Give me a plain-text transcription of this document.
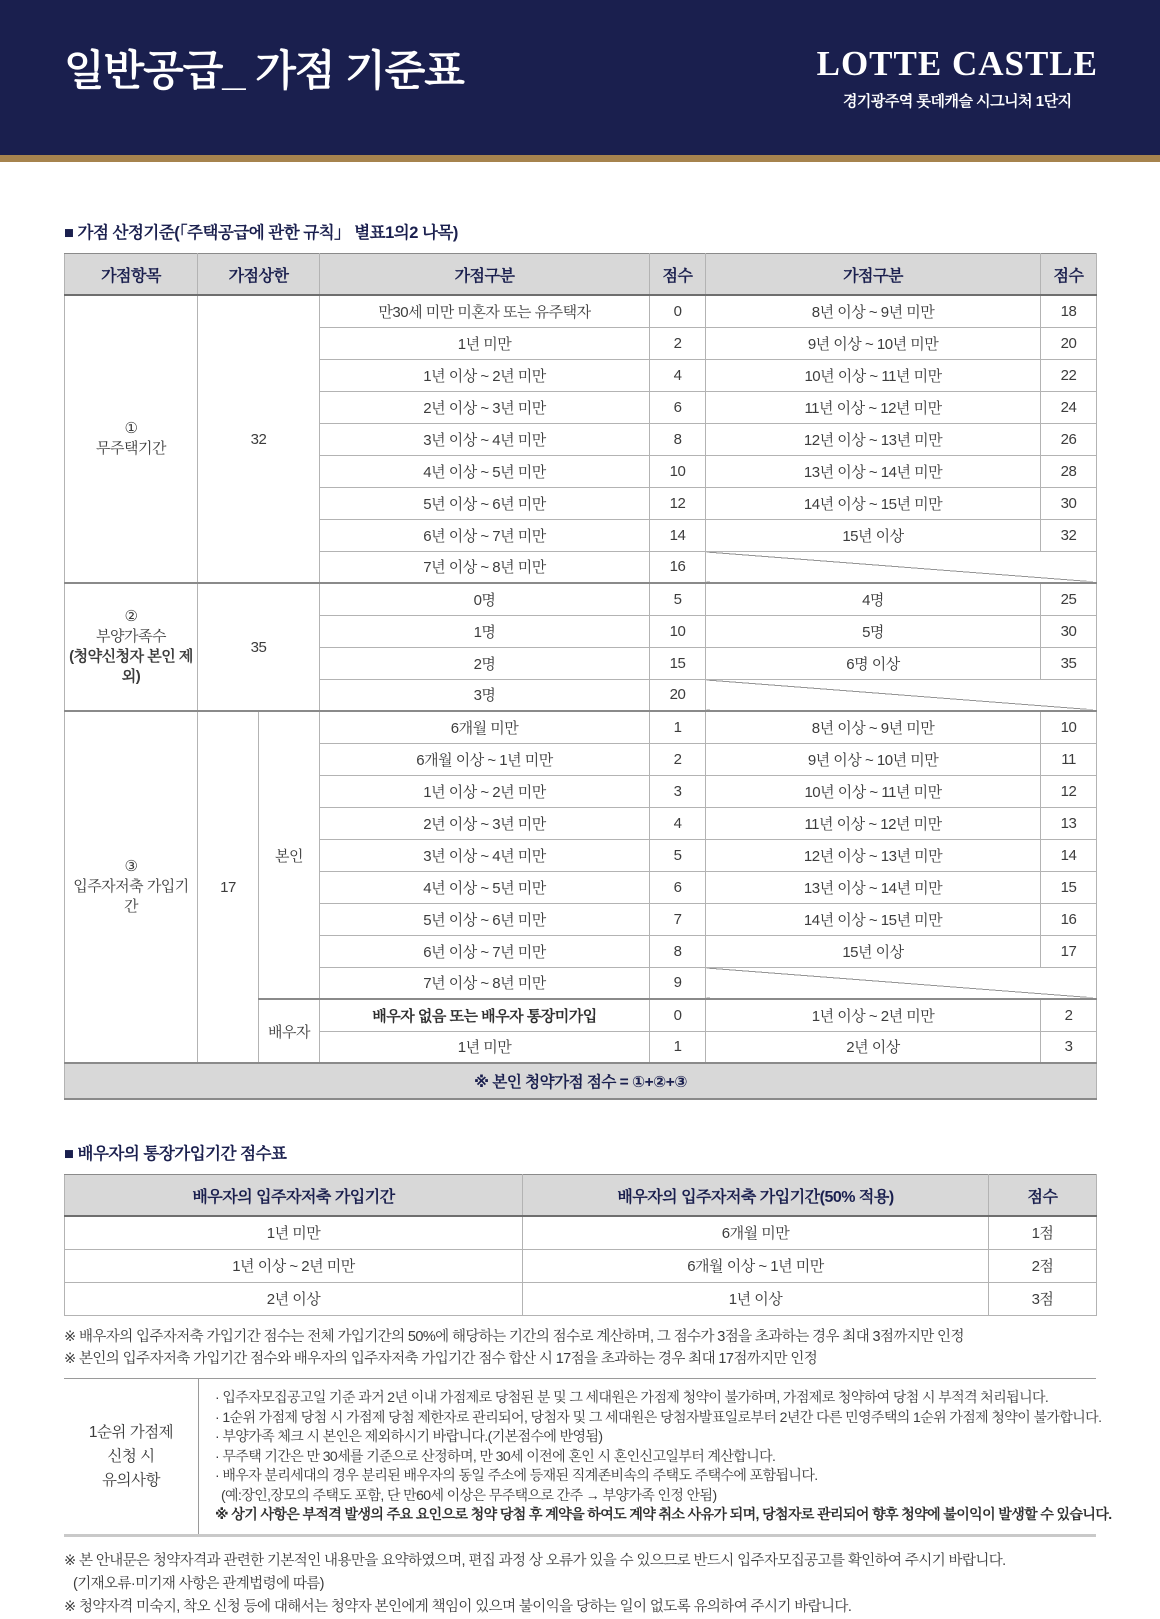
일반공급_ 가점 기준표	LOTTE CASTLE
경기광주역 롯데캐슬 시그니처 1단지
■ 가점 산정기준(「주택공급에 관한 규칙」 별표1의2 나목)
가점항목	가점상한		가점구분	점수	가점구분	점수

①
무주택기간	32		만30세 미만 미혼자 또는 유주택자	0	8년 이상 ~ 9년 미만	18
			1년 미만	2	9년 이상 ~ 10년 미만	20
			1년 이상 ~ 2년 미만	4	10년 이상 ~ 11년 미만	22
			2년 이상 ~ 3년 미만	6	11년 이상 ~ 12년 미만	24
			3년 이상 ~ 4년 미만	8	12년 이상 ~ 13년 미만	26
			4년 이상 ~ 5년 미만	10	13년 이상 ~ 14년 미만	28
			5년 이상 ~ 6년 미만	12	14년 이상 ~ 15년 미만	30
			6년 이상 ~ 7년 미만	14	15년 이상	32
			7년 이상 ~ 8년 미만	16		

②
부양가족수
(청약신청자 본인 제외)	35		0명	5	4명	25
			1명	10	5명	30
			2명	15	6명 이상	35
			3명	20		

③
입주자저축 가입기간	17	본인	6개월 미만	1	8년 이상 ~ 9년 미만	10
			6개월 이상 ~ 1년 미만	2	9년 이상 ~ 10년 미만	11
			1년 이상 ~ 2년 미만	3	10년 이상 ~ 11년 미만	12
			2년 이상 ~ 3년 미만	4	11년 이상 ~ 12년 미만	13
			3년 이상 ~ 4년 미만	5	12년 이상 ~ 13년 미만	14
			4년 이상 ~ 5년 미만	6	13년 이상 ~ 14년 미만	15
			5년 이상 ~ 6년 미만	7	14년 이상 ~ 15년 미만	16
			6년 이상 ~ 7년 미만	8	15년 이상	17
			7년 이상 ~ 8년 미만	9		
		배우자	배우자 없음 또는 배우자 통장미가입	0	1년 이상 ~ 2년 미만	2
			1년 미만	1	2년 이상	3
※ 본인 청약가점 점수 = ①+②+③						
■ 배우자의 통장가입기간 점수표
배우자의 입주자저축 가입기간	배우자의 입주자저축 가입기간(50% 적용)	점수
1년 미만	6개월 미만	1점
1년 이상 ~ 2년 미만	6개월 이상 ~ 1년 미만	2점
2년 이상	1년 이상	3점
※ 배우자의 입주자저축 가입기간 점수는 전체 가입기간의 50%에 해당하는 기간의 점수로 계산하며, 그 점수가 3점을 초과하는 경우 최대 3점까지만 인정
※ 본인의 입주자저축 가입기간 점수와 배우자의 입주자저축 가입기간 점수 합산 시 17점을 초과하는 경우 최대 17점까지만 인정
1순위 가점제
신청 시
유의사항
· 입주자모집공고일 기준 과거 2년 이내 가점제로 당첨된 분 및 그 세대원은 가점제 청약이 불가하며, 가점제로 청약하여 당첨 시 부적격 처리됩니다.
· 1순위 가점제 당첨 시 가점제 당첨 제한자로 관리되어, 당첨자 및 그 세대원은 당첨자발표일로부터 2년간 다른 민영주택의 1순위 가점제 청약이 불가합니다.
· 부양가족 체크 시 본인은 제외하시기 바랍니다.(기본점수에 반영됨)
· 무주택 기간은 만 30세를 기준으로 산정하며, 만 30세 이전에 혼인 시 혼인신고일부터 계산합니다.
· 배우자 분리세대의 경우 분리된 배우자의 동일 주소에 등재된 직계존비속의 주택도 주택수에 포함됩니다.
(예:장인,장모의 주택도 포함, 단 만60세 이상은 무주택으로 간주 → 부양가족 인정 안됨)
※ 상기 사항은 부적격 발생의 주요 요인으로 청약 당첨 후 계약을 하여도 계약 취소 사유가 되며, 당첨자로 관리되어 향후 청약에 불이익이 발생할 수 있습니다.
※ 본 안내문은 청약자격과 관련한 기본적인 내용만을 요약하였으며, 편집 과정 상 오류가 있을 수 있으므로 반드시 입주자모집공고를 확인하여 주시기 바랍니다.
(기재오류·미기재 사항은 관계법령에 따름)
※ 청약자격 미숙지, 착오 신청 등에 대해서는 청약자 본인에게 책임이 있으며 불이익을 당하는 일이 없도록 유의하여 주시기 바랍니다.
